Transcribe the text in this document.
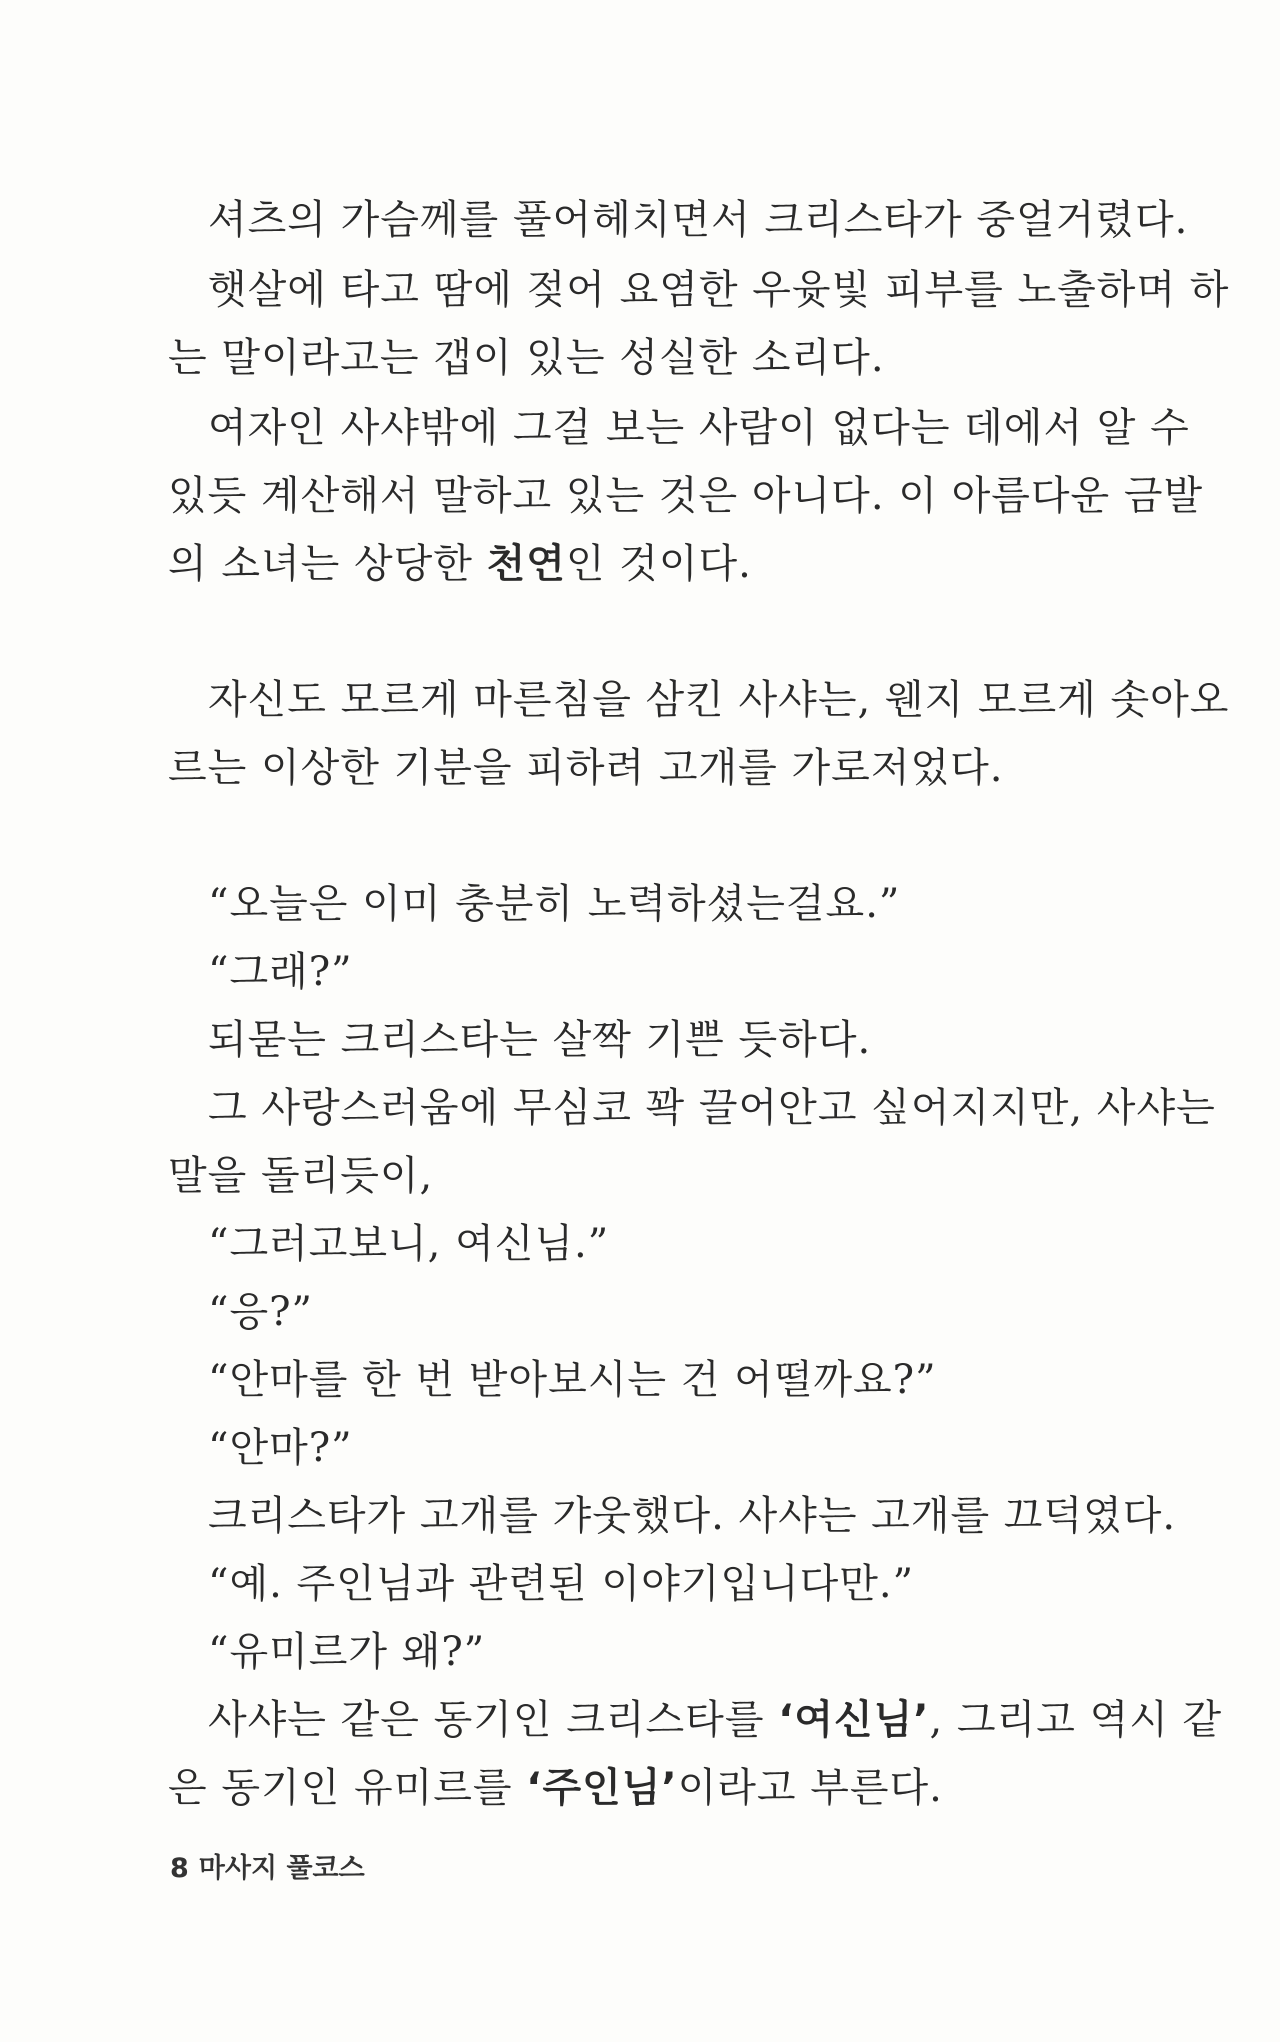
셔츠의 가슴께를 풀어헤치면서 크리스타가 중얼거렸다.
햇살에 타고 땀에 젖어 요염한 우윳빛 피부를 노출하며 하
는 말이라고는 갭이 있는 성실한 소리다.
여자인 사샤밖에 그걸 보는 사람이 없다는 데에서 알 수
있듯 계산해서 말하고 있는 것은 아니다. 이 아름다운 금발
의 소녀는 상당한 천연인 것이다.
자신도 모르게 마른침을 삼킨 사샤는, 웬지 모르게 솟아오
르는 이상한 기분을 피하려 고개를 가로저었다.
“오늘은 이미 충분히 노력하셨는걸요.”
“그래?”
되묻는 크리스타는 살짝 기쁜 듯하다.
그 사랑스러움에 무심코 꽉 끌어안고 싶어지지만, 사샤는
말을 돌리듯이,
“그러고보니, 여신님.”
“응?”
“안마를 한 번 받아보시는 건 어떨까요?”
“안마?”
크리스타가 고개를 갸웃했다. 사샤는 고개를 끄덕였다.
“예. 주인님과 관련된 이야기입니다만.”
“유미르가 왜?”
사샤는 같은 동기인 크리스타를 ‘여신님’, 그리고 역시 같
은 동기인 유미르를 ‘주인님’이라고 부른다.
8 마사지 풀코스
